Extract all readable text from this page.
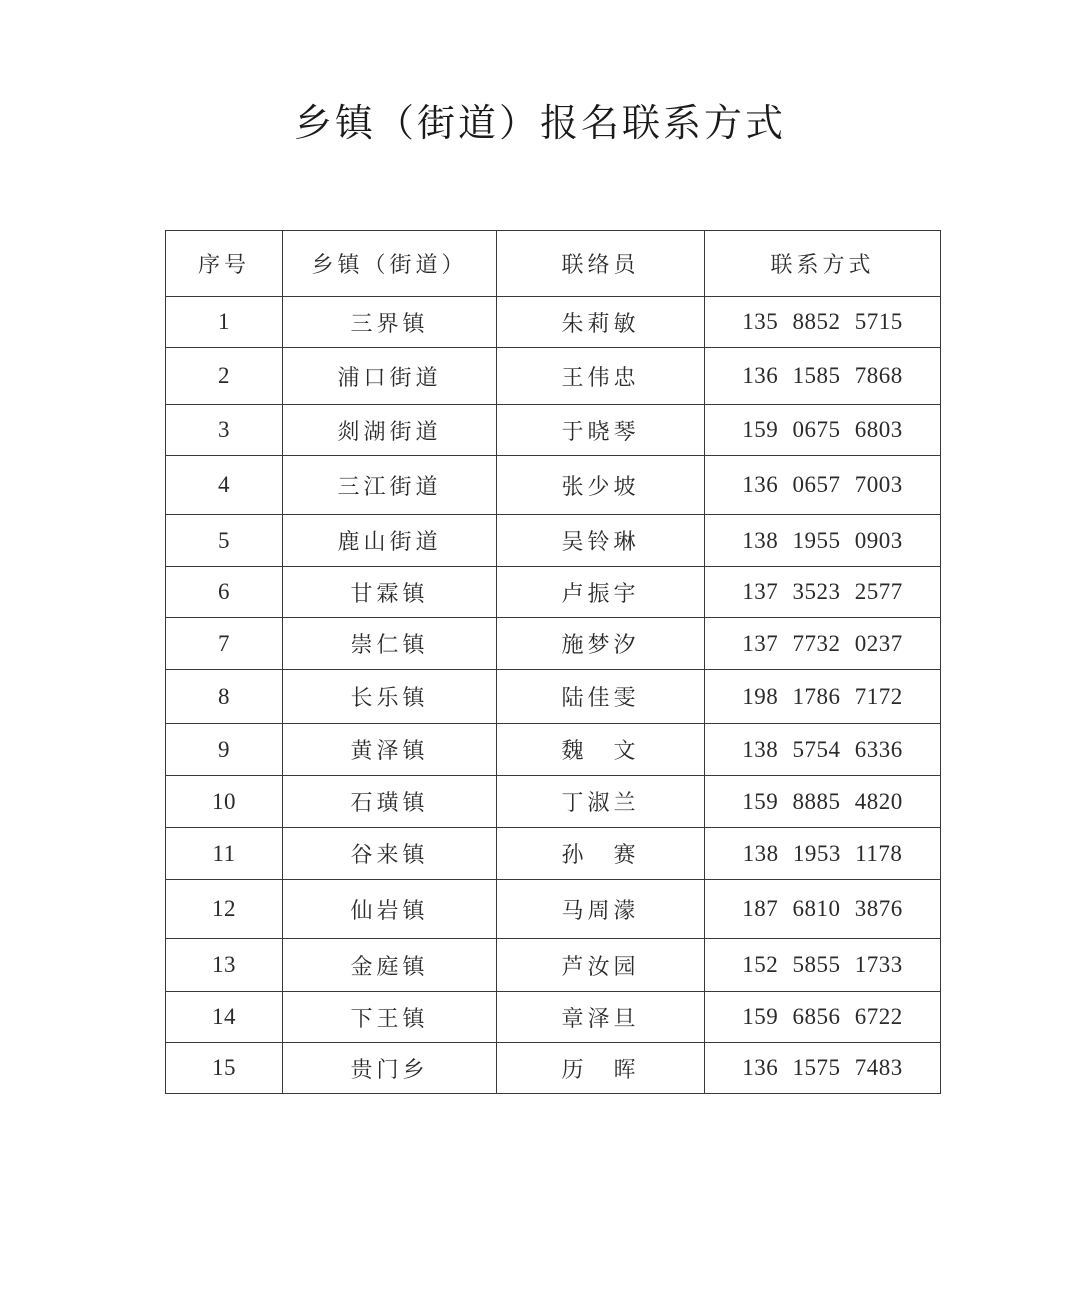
乡镇（街道）报名联系方式
序号	乡镇（街道）	联络员	联系方式
1	三界镇	朱莉敏	135 8852 5715
2	浦口街道	王伟忠	136 1585 7868
3	剡湖街道	于晓琴	159 0675 6803
4	三江街道	张少坡	136 0657 7003
5	鹿山街道	吴铃琳	138 1955 0903
6	甘霖镇	卢振宇	137 3523 2577
7	崇仁镇	施梦汐	137 7732 0237
8	长乐镇	陆佳雯	198 1786 7172
9	黄泽镇	魏　文	138 5754 6336
10	石璜镇	丁淑兰	159 8885 4820
11	谷来镇	孙　赛	138 1953 1178
12	仙岩镇	马周濛	187 6810 3876
13	金庭镇	芦汝园	152 5855 1733
14	下王镇	章泽旦	159 6856 6722
15	贵门乡	历　晖	136 1575 7483
